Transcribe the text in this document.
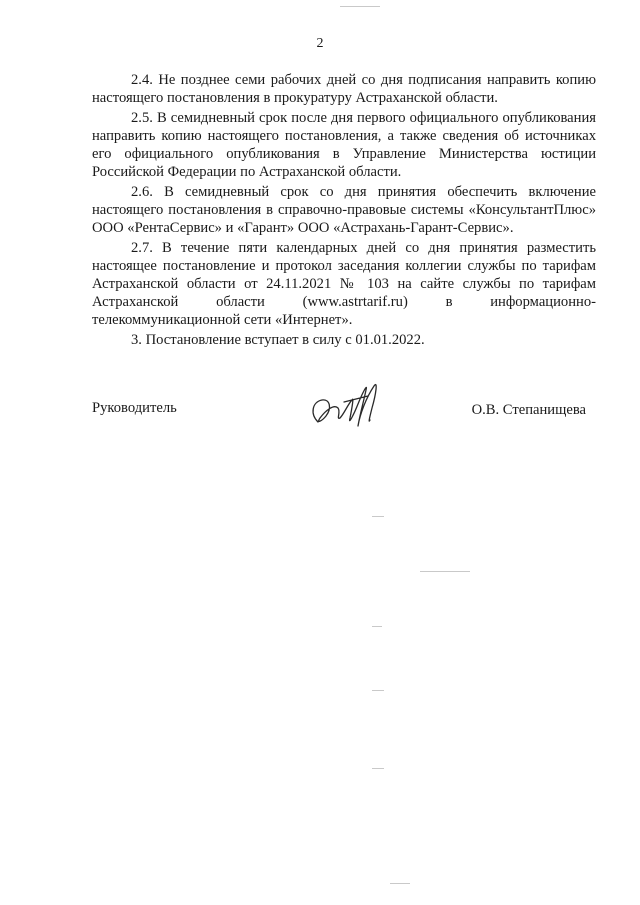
2

2.4. Не позднее семи рабочих дней со дня подписания направить копию настоящего постановления в прокуратуру Астраханской области.

2.5. В семидневный срок после дня первого официального опубликования направить копию настоящего постановления, а также сведения об источниках его официального опубликования в Управление Министерства юстиции Российской Федерации по Астраханской области.

2.6. В семидневный срок со дня принятия обеспечить включение настоящего постановления в справочно-правовые системы «КонсультантПлюс» ООО «РентаСервис» и «Гарант» ООО «Астрахань-Гарант-Сервис».

2.7. В течение пяти календарных дней со дня принятия разместить настоящее постановление и протокол заседания коллегии службы по тарифам Астраханской области от 24.11.2021 № 103 на сайте службы по тарифам Астраханской области (www.astrtarif.ru) в информационно-телекоммуникационной сети «Интернет».

3. Постановление вступает в силу с 01.01.2022.

Руководитель	О.В. Степанищева
